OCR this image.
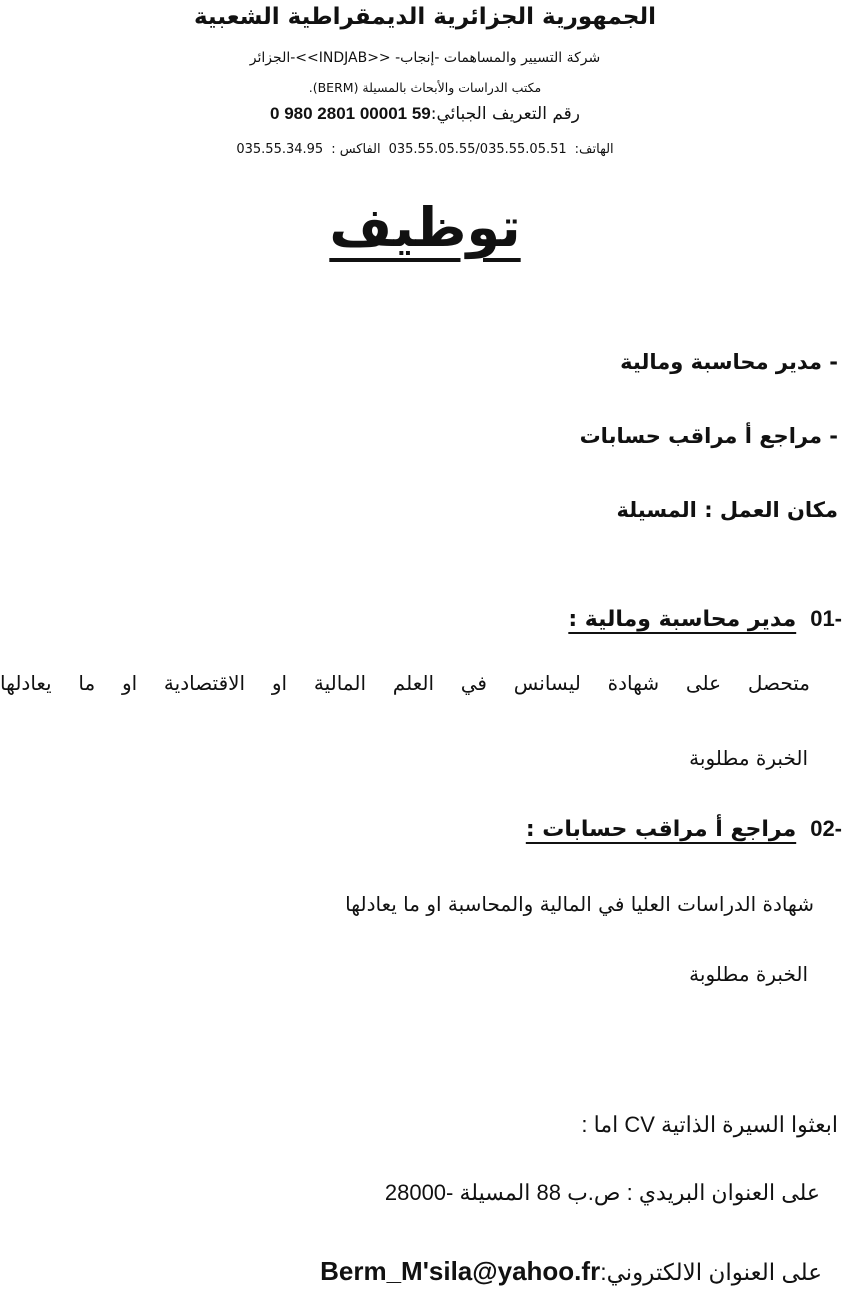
الجمهورية الجزائرية الديمقراطية الشعبية
شركة التسيير والمساهمات -إنجاب- <<INDJAB>>-الجزائر
مكتب الدراسات والأبحاث بالمسيلة (BERM).
رقم التعريف الجبائي:0 980 2801 00001 59
الهاتف:035.55.05.55/035.55.05.51الفاكس :035.55.34.95
توظيف
- مدير محاسبة ومالية
- مراجع أ مراقب حسابات
مكان العمل : المسيلة
01-مدير محاسبة ومالية :
متحصل على شهادة ليسانس في العلم المالية او الاقتصادية او ما يعادلها
الخبرة مطلوبة
02-مراجع أ مراقب حسابات :
شهادة الدراسات العليا في المالية والمحاسبة او ما يعادلها
الخبرة مطلوبة
ابعثوا السيرة الذاتية CV اما :
على العنوان البريدي : ص.ب 88 المسيلة -28000
على العنوان الالكتروني:Berm_M'sila@yahoo.fr
